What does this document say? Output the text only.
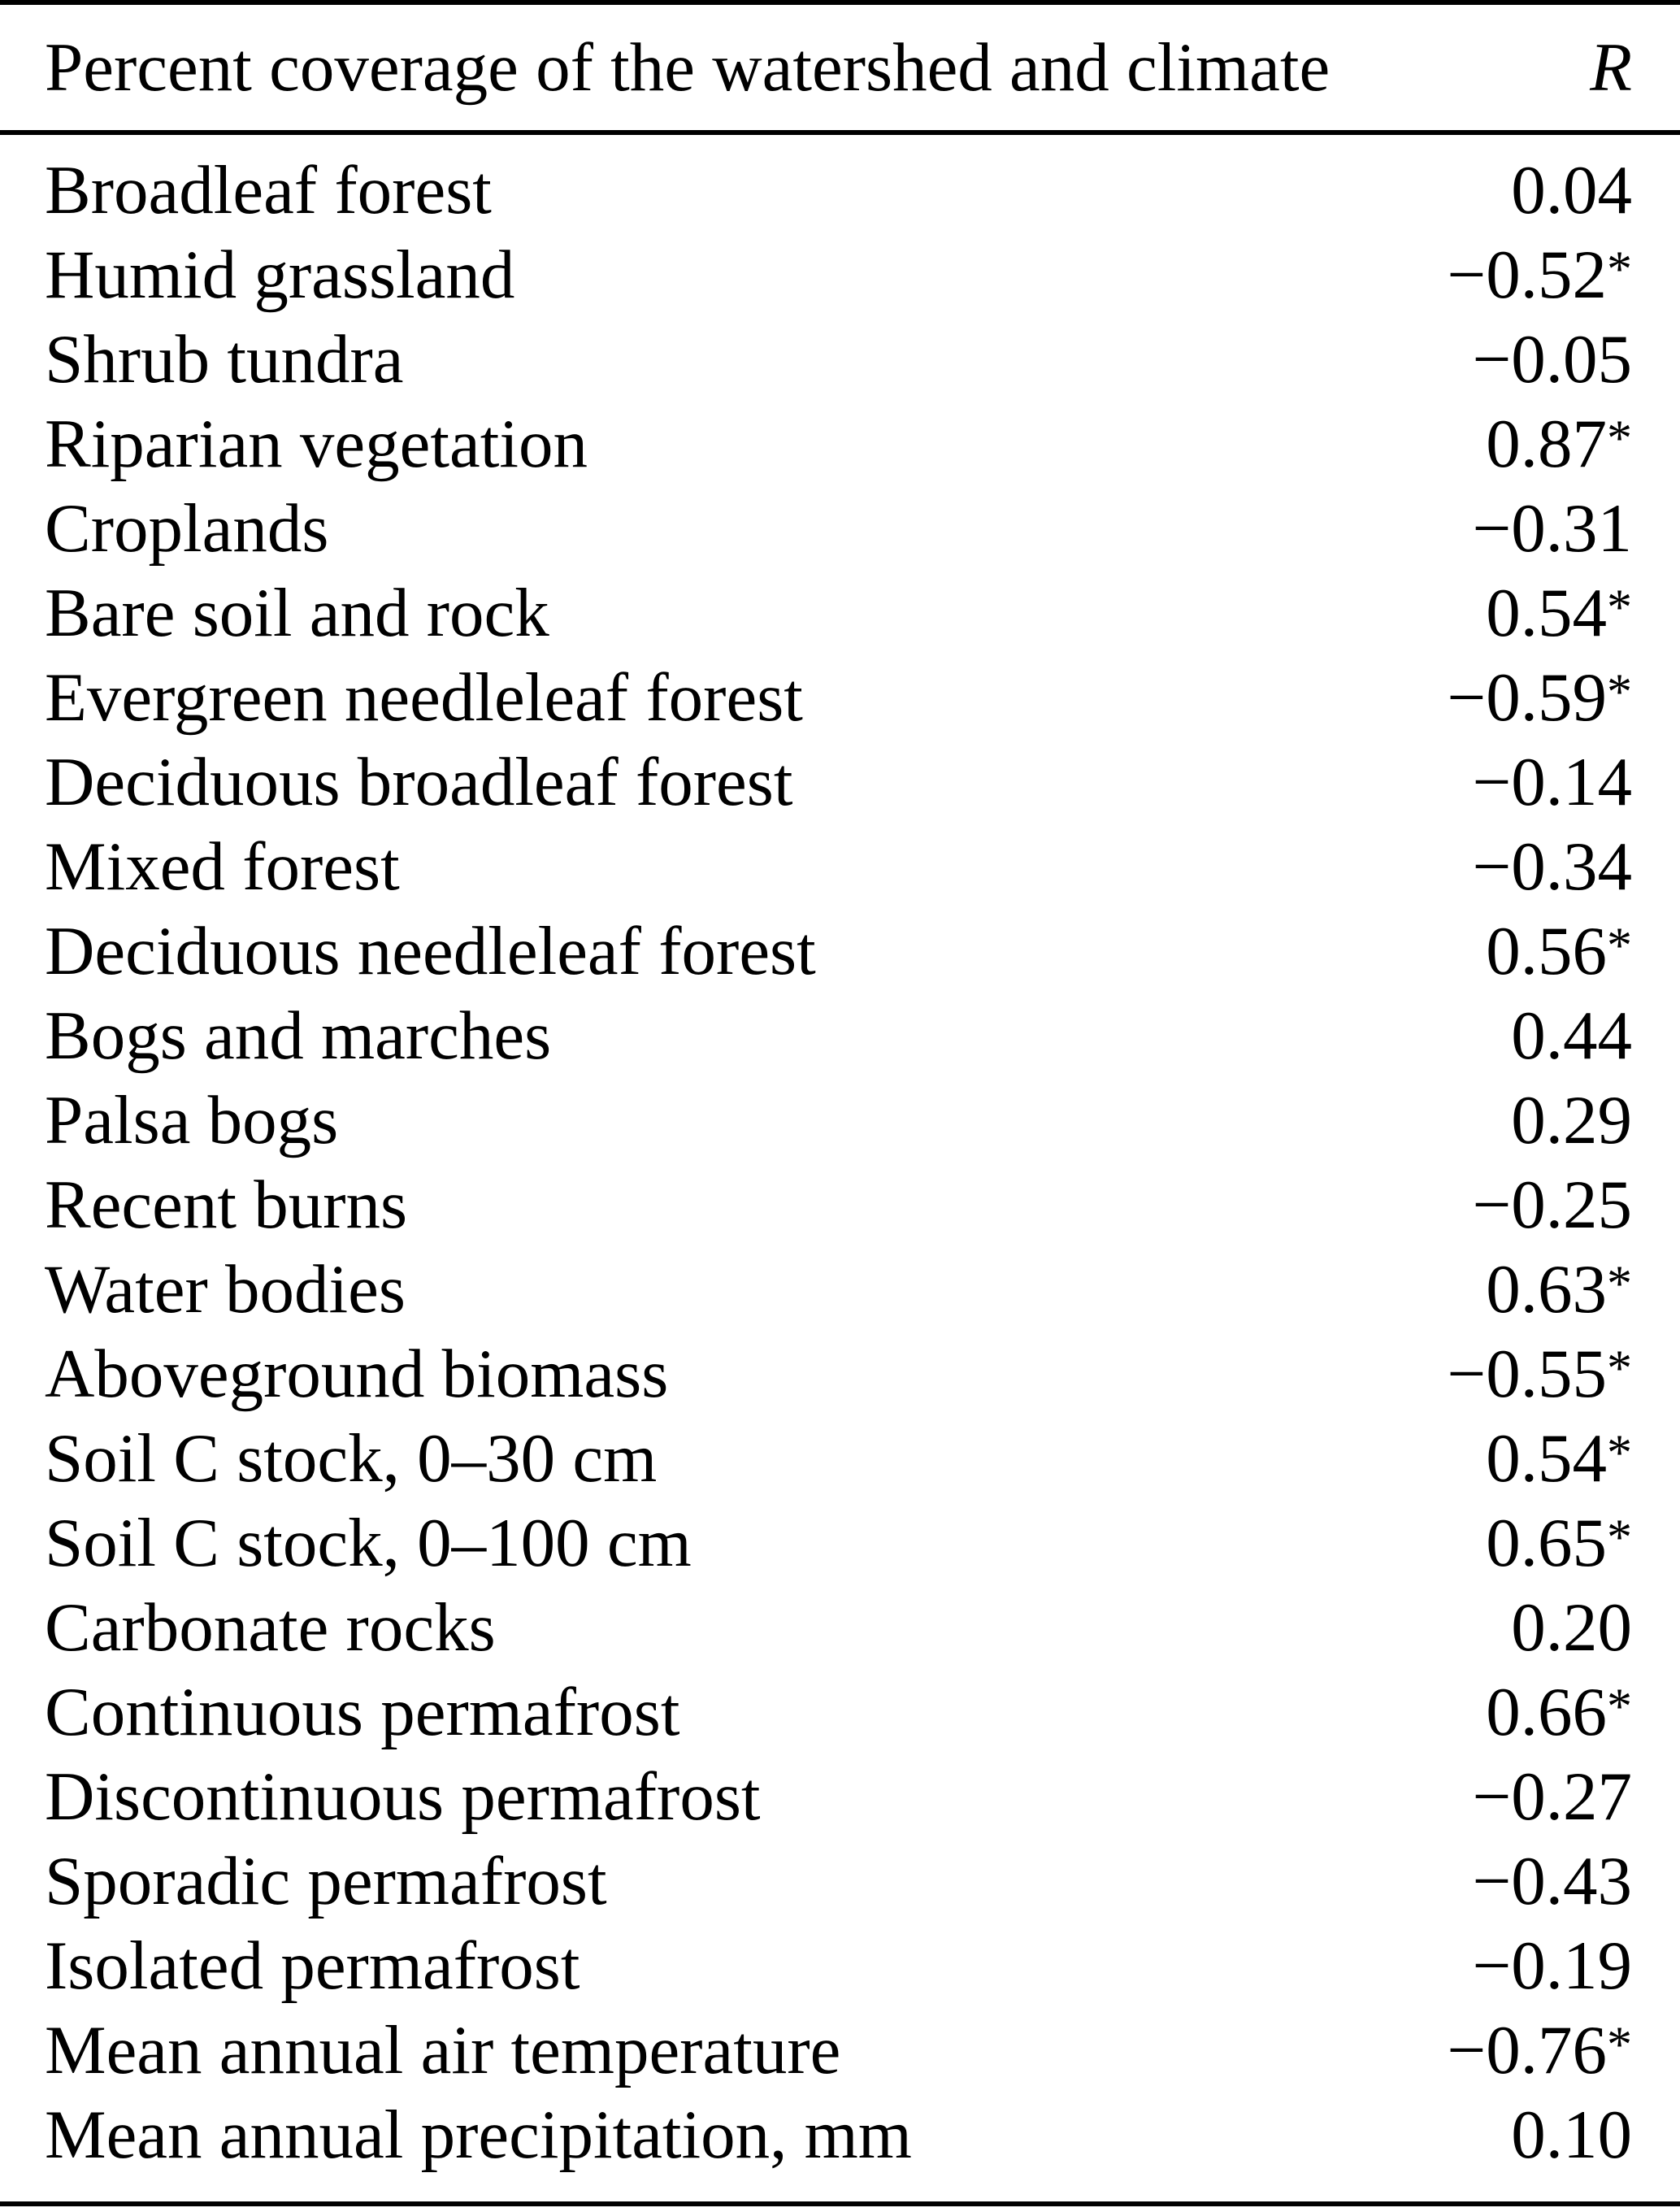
Percent coverage of the watershed and climate	R
Broadleaf forest	0.04
Humid grassland	−0.52*
Shrub tundra	−0.05
Riparian vegetation	0.87*
Croplands	−0.31
Bare soil and rock	0.54*
Evergreen needleleaf forest	−0.59*
Deciduous broadleaf forest	−0.14
Mixed forest	−0.34
Deciduous needleleaf forest	0.56*
Bogs and marches	0.44
Palsa bogs	0.29
Recent burns	−0.25
Water bodies	0.63*
Aboveground biomass	−0.55*
Soil C stock, 0–30 cm	0.54*
Soil C stock, 0–100 cm	0.65*
Carbonate rocks	0.20
Continuous permafrost	0.66*
Discontinuous permafrost	−0.27
Sporadic permafrost	−0.43
Isolated permafrost	−0.19
Mean annual air temperature	−0.76*
Mean annual precipitation, mm	0.10
